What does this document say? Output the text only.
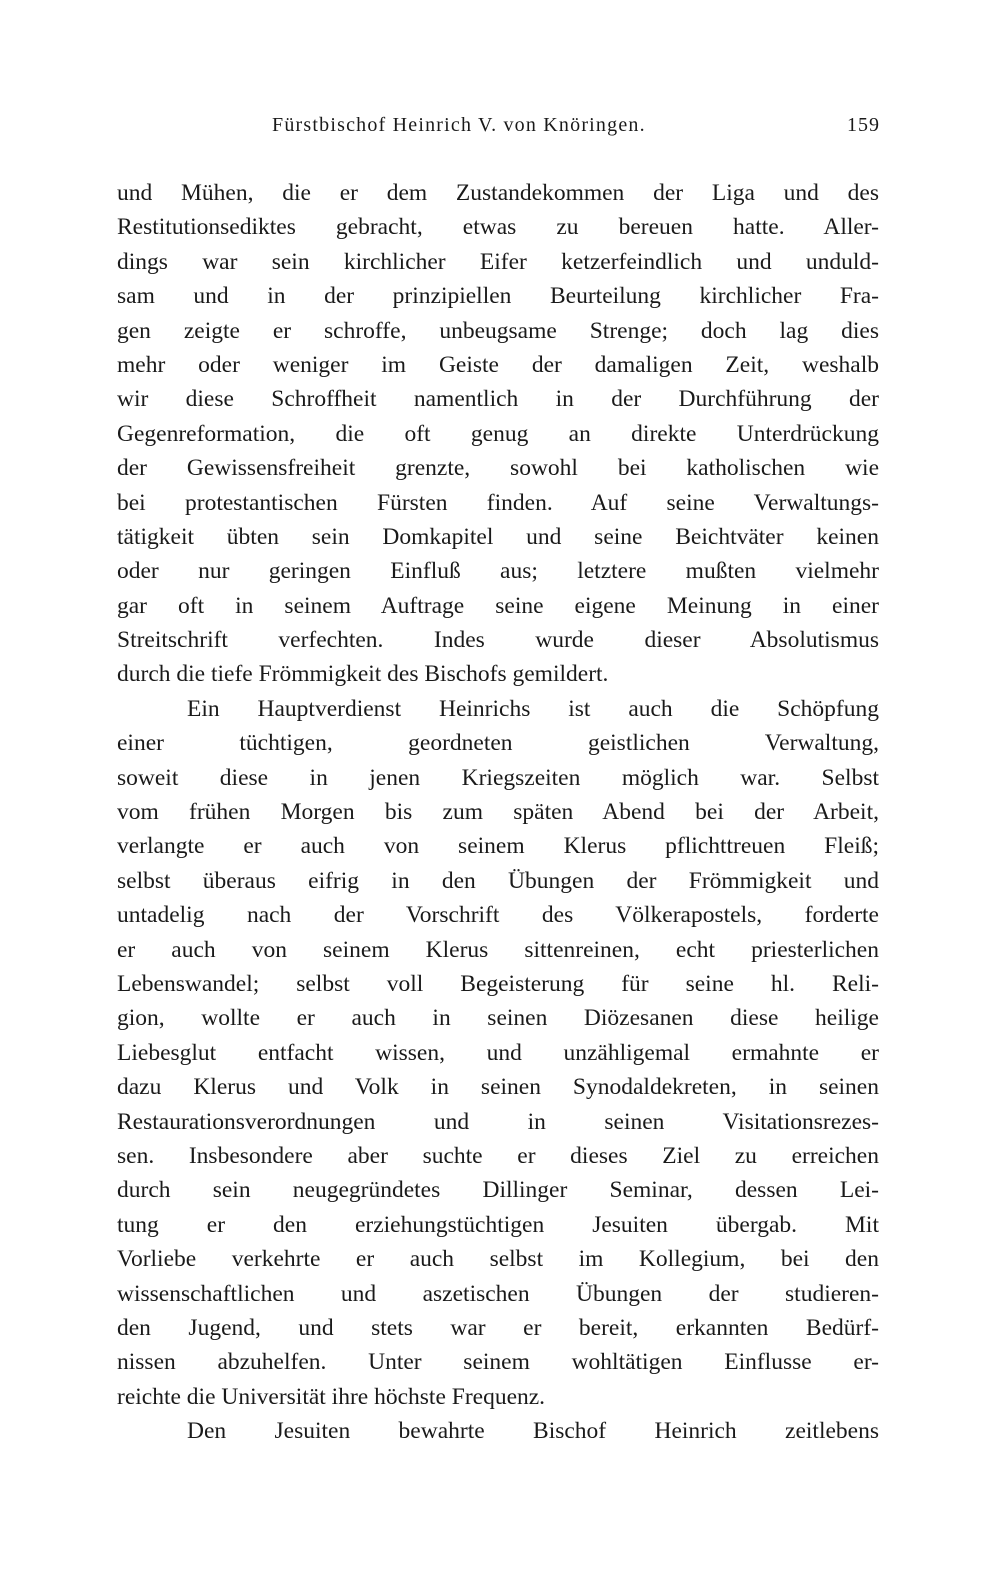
Fürstbischof Heinrich V. von Knöringen.	159
und Mühen, die er dem Zustandekommen der Liga und des
Restitutionsediktes gebracht, etwas zu bereuen hatte. Aller-
dings war sein kirchlicher Eifer ketzerfeindlich und unduld-
sam und in der prinzipiellen Beurteilung kirchlicher Fra-
gen zeigte er schroffe, unbeugsame Strenge; doch lag dies
mehr oder weniger im Geiste der damaligen Zeit, weshalb
wir diese Schroffheit namentlich in der Durchführung der
Gegenreformation, die oft genug an direkte Unterdrückung
der Gewissensfreiheit grenzte, sowohl bei katholischen wie
bei protestantischen Fürsten finden. Auf seine Verwaltungs-
tätigkeit übten sein Domkapitel und seine Beichtväter keinen
oder nur geringen Einfluß aus; letztere mußten vielmehr
gar oft in seinem Auftrage seine eigene Meinung in einer
Streitschrift verfechten. Indes wurde dieser Absolutismus
durch die tiefe Frömmigkeit des Bischofs gemildert.
Ein Hauptverdienst Heinrichs ist auch die Schöpfung
einer tüchtigen, geordneten geistlichen Verwaltung,
soweit diese in jenen Kriegszeiten möglich war. Selbst
vom frühen Morgen bis zum späten Abend bei der Arbeit,
verlangte er auch von seinem Klerus pflichttreuen Fleiß;
selbst überaus eifrig in den Übungen der Frömmigkeit und
untadelig nach der Vorschrift des Völkerapostels, forderte
er auch von seinem Klerus sittenreinen, echt priesterlichen
Lebenswandel; selbst voll Begeisterung für seine hl. Reli-
gion, wollte er auch in seinen Diözesanen diese heilige
Liebesglut entfacht wissen, und unzähligemal ermahnte er
dazu Klerus und Volk in seinen Synodaldekreten, in seinen
Restaurationsverordnungen und in seinen Visitationsrezes-
sen. Insbesondere aber suchte er dieses Ziel zu erreichen
durch sein neugegründetes Dillinger Seminar, dessen Lei-
tung er den erziehungstüchtigen Jesuiten übergab. Mit
Vorliebe verkehrte er auch selbst im Kollegium, bei den
wissenschaftlichen und aszetischen Übungen der studieren-
den Jugend, und stets war er bereit, erkannten Bedürf-
nissen abzuhelfen. Unter seinem wohltätigen Einflusse er-
reichte die Universität ihre höchste Frequenz.
Den Jesuiten bewahrte Bischof Heinrich zeitlebens
